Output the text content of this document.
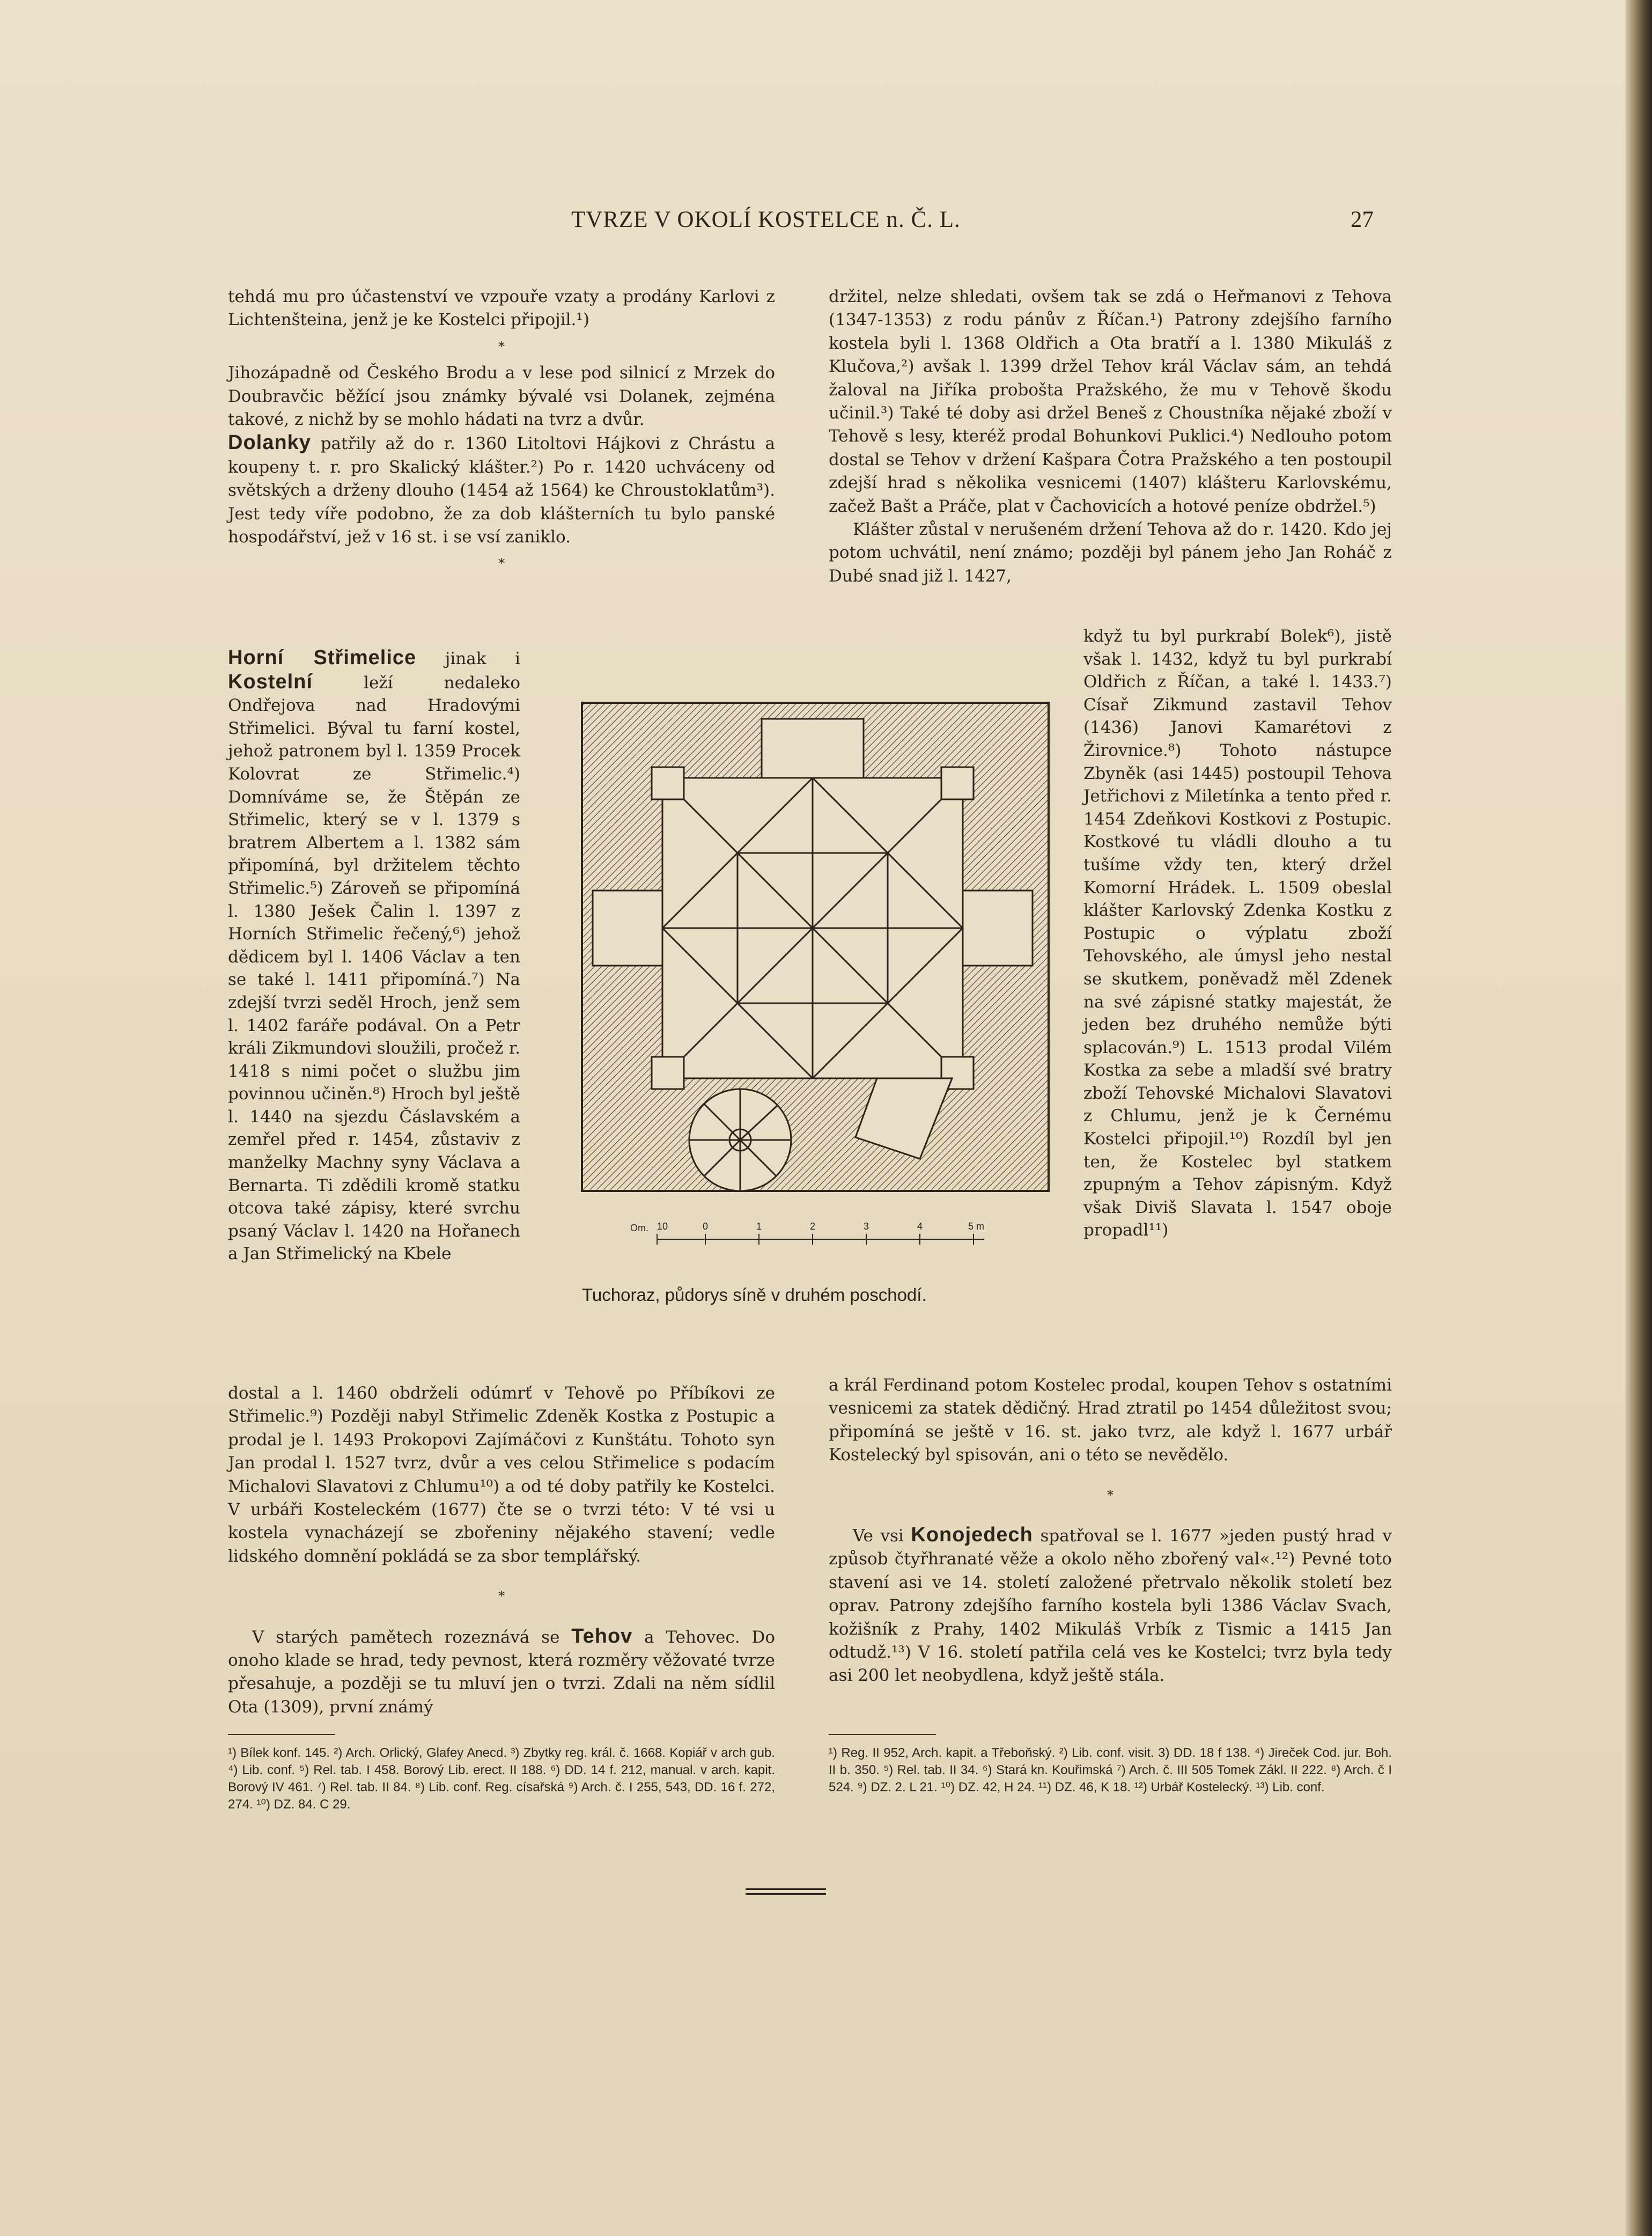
TVRZE V OKOLÍ KOSTELCE n. Č. L.	27

tehdá mu pro účastenství ve vzpouře vzaty a prodány Karlovi z Lichtenšteina, jenž je ke Kostelci připojil.¹)

*

Jihozápadně od Českého Brodu a v lese pod silnicí z Mrzek do Doubravčic běžící jsou známky bývalé vsi Dolanek, zejména takové, z nichž by se mohlo hádati na tvrz a dvůr.

Dolanky patřily až do r. 1360 Litoltovi Hájkovi z Chrástu a koupeny t. r. pro Skalický klášter.²) Po r. 1420 uchváceny od světských a drženy dlouho (1454 až 1564) ke Chroustoklatům³). Jest tedy víře podobno, že za dob klášterních tu bylo panské hospodářství, jež v 16 st. i se vsí zaniklo.

*
Horní Střimelice jinak i Kostelní leží nedaleko Ondřejova nad Hradovými Střimelici. Býval tu farní kostel, jehož patronem byl l. 1359 Procek Kolovrat ze Střimelic.⁴) Domníváme se, že Štěpán ze Střimelic, který se v l. 1379 s bratrem Albertem a l. 1382 sám připomíná, byl držitelem těchto Střimelic.⁵) Zároveň se připomíná l. 1380 Ješek Čalin l. 1397 z Horních Střimelic řečený,⁶) jehož dědicem byl l. 1406 Václav a ten se také l. 1411 připomíná.⁷) Na zdejší tvrzi seděl Hroch, jenž sem l. 1402 faráře podával. On a Petr králi Zikmundovi sloužili, pročež r. 1418 s nimi počet o službu jim povinnou učiněn.⁸) Hroch byl ještě l. 1440 na sjezdu Čáslavském a zemřel před r. 1454, zůstaviv z manželky Machny syny Václava a Bernarta. Ti zdědili kromě statku otcova také zápisy, které svrchu psaný Václav l. 1420 na Hořanech a Jan Střimelický na Kbele

držitel, nelze shledati, ovšem tak se zdá o Heřmanovi z Tehova (1347-1353) z rodu pánův z Říčan.¹) Patrony zdejšího farního kostela byli l. 1368 Oldřich a Ota bratří a l. 1380 Mikuláš z Klučova,²) avšak l. 1399 držel Tehov král Václav sám, an tehdá žaloval na Jiříka probošta Pražského, že mu v Tehově škodu učinil.³) Také té doby asi držel Beneš z Choustníka nějaké zboží v Tehově s lesy, kteréž prodal Bohunkovi Puklici.⁴) Nedlouho potom dostal se Tehov v držení Kašpara Čotra Pražského a ten postoupil zdejší hrad s několika vesnicemi (1407) klášteru Karlovskému, začež Bašt a Práče, plat v Čachovicích a hotové peníze obdržel.⁵)

Klášter zůstal v nerušeném držení Tehova až do r. 1420. Kdo jej potom uchvátil, není známo; později byl pánem jeho Jan Roháč z Dubé snad již l. 1427,

když tu byl purkrabí Bolek⁶), jistě však l. 1432, když tu byl purkrabí Oldřich z Říčan, a také l. 1433.⁷) Císař Zikmund zastavil Tehov (1436) Janovi Kamarétovi z Žirovnice.⁸) Tohoto nástupce Zbyněk (asi 1445) postoupil Tehova Jetřichovi z Miletínka a tento před r. 1454 Zdeňkovi Kostkovi z Postupic. Kostkové tu vládli dlouho a tu tušíme vždy ten, který držel Komorní Hrádek. L. 1509 obeslal klášter Karlovský Zdenka Kostku z Postupic o výplatu zboží Tehovského, ale úmysl jeho nestal se skutkem, poněvadž měl Zdenek na své zápisné statky majestát, že jeden bez druhého nemůže býti splacován.⁹) L. 1513 prodal Vilém Kostka za sebe a mladší své bratry zboží Tehovské Michalovi Slavatovi z Chlumu, jenž je k Černému Kostelci připojil.¹⁰) Rozdíl byl jen ten, že Kostelec byl statkem zpupným a Tehov zápisným. Když však Diviš Slavata l. 1547 oboje propadl¹¹)
Om. 10	0	1	2	3	4	5 m
Tuchoraz, půdorys síně v druhém poschodí.

dostal a l. 1460 obdrželi odúmrť v Tehově po Příbíkovi ze Střimelic.⁹) Později nabyl Střimelic Zdeněk Kostka z Postupic a prodal je l. 1493 Prokopovi Zajímáčovi z Kunštátu. Tohoto syn Jan prodal l. 1527 tvrz, dvůr a ves celou Střimelice s podacím Michalovi Slavatovi z Chlumu¹⁰) a od té doby patřily ke Kostelci. V urbáři Kosteleckém (1677) čte se o tvrzi této: V té vsi u kostela vynacházejí se zbořeniny nějakého stavení; vedle lidského domnění pokládá se za sbor templářský.

*

V starých pamětech rozeznává se Tehov a Tehovec. Do onoho klade se hrad, tedy pevnost, která rozměry věžovaté tvrze přesahuje, a později se tu mluví jen o tvrzi. Zdali na něm sídlil Ota (1309), první známý

a král Ferdinand potom Kostelec prodal, koupen Tehov s ostatními vesnicemi za statek dědičný. Hrad ztratil po 1454 důležitost svou; připomíná se ještě v 16. st. jako tvrz, ale když l. 1677 urbář Kostelecký byl spisován, ani o této se nevědělo.

*

Ve vsi Konojedech spatřoval se l. 1677 »jeden pustý hrad v způsob čtyřhranaté věže a okolo něho zbořený val«.¹²) Pevné toto stavení asi ve 14. století založené přetrvalo několik století bez oprav. Patrony zdejšího farního kostela byli 1386 Václav Svach, kožišník z Prahy, 1402 Mikuláš Vrbík z Tismic a 1415 Jan odtudž.¹³) V 16. století patřila celá ves ke Kostelci; tvrz byla tedy asi 200 let neobydlena, když ještě stála.

¹) Bílek konf. 145. ²) Arch. Orlický, Glafey Anecd. ³) Zbytky reg. král. č. 1668. Kopiář v arch gub. ⁴) Lib. conf. ⁵) Rel. tab. I 458. Borový Lib. erect. II 188. ⁶) DD. 14 f. 212, manual. v arch. kapit. Borový IV 461. ⁷) Rel. tab. II 84. ⁸) Lib. conf. Reg. císařská ⁹) Arch. č. I 255, 543, DD. 16 f. 272, 274. ¹⁰) DZ. 84. C 29.
¹) Reg. II 952, Arch. kapit. a Třeboňský. ²) Lib. conf. visit. 3) DD. 18 f 138. ⁴) Jireček Cod. jur. Boh. II b. 350. ⁵) Rel. tab. II 34. ⁶) Stará kn. Kouřimská ⁷) Arch. č. III 505 Tomek Zákl. II 222. ⁸) Arch. č I 524. ⁹) DZ. 2. L 21. ¹⁰) DZ. 42, H 24. ¹¹) DZ. 46, K 18. ¹²) Urbář Kostelecký. ¹³) Lib. conf.
